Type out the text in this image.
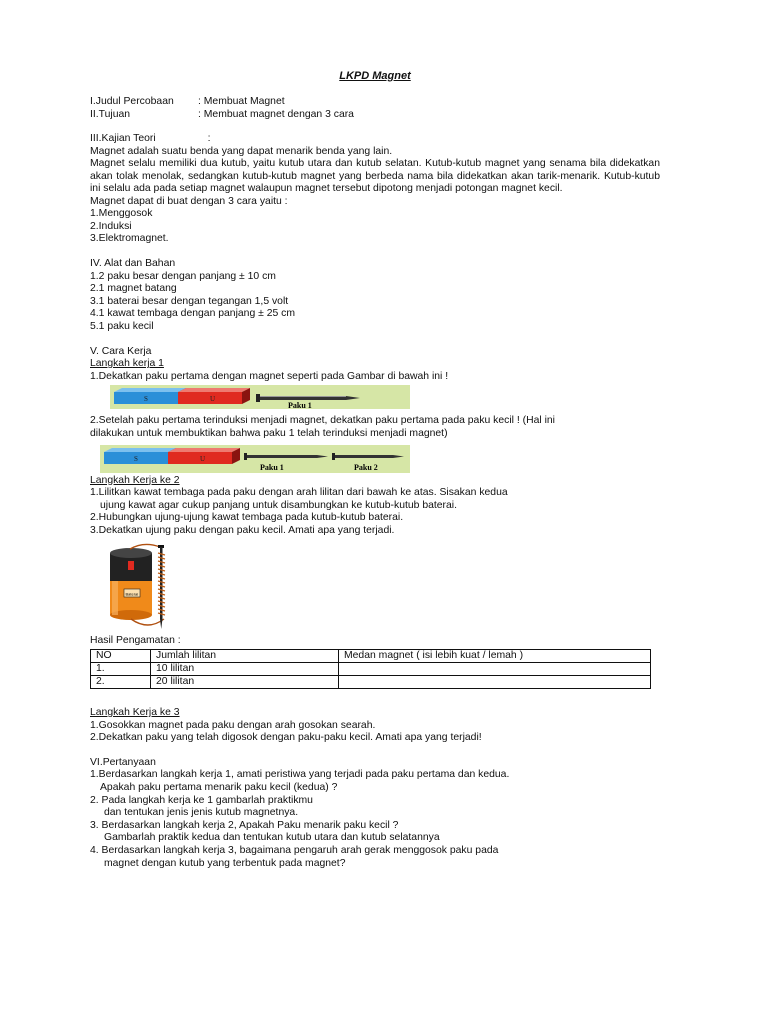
LKPD Magnet
I.Judul Percobaan : Membuat Magnet
II.Tujuan	: Membuat magnet dengan 3 cara
III.Kajian Teori	:
Magnet adalah suatu benda yang dapat menarik benda yang lain.
Magnet selalu memiliki dua kutub, yaitu kutub utara dan kutub selatan. Kutub-kutub magnet yang senama bila didekatkan akan tolak menolak, sedangkan kutub-kutub magnet yang berbeda nama bila didekatkan akan tarik-menarik. Kutub-kutub ini selalu ada pada setiap magnet walaupun magnet tersebut dipotong menjadi potongan magnet kecil.
Magnet dapat di buat dengan 3 cara yaitu :
1.Menggosok
2.Induksi
3.Elektromagnet.
IV. Alat dan Bahan
1.2 paku besar dengan panjang ± 10 cm
2.1 magnet batang
3.1 baterai besar dengan tegangan 1,5 volt
4.1 kawat tembaga dengan panjang ± 25 cm
5.1 paku kecil
V. Cara Kerja
Langkah kerja 1
1.Dekatkan paku pertama dengan magnet seperti pada Gambar di bawah ini !
S	U
Paku 1
2.Setelah paku pertama terinduksi menjadi magnet, dekatkan paku pertama pada paku kecil ! (Hal ini
dilakukan untuk membuktikan bahwa paku 1 telah terinduksi menjadi magnet)
S	U
Paku 1	Paku 2
Langkah Kerja ke 2
1.Lilitkan kawat tembaga pada paku dengan arah lilitan dari bawah ke atas. Sisakan kedua
ujung kawat agar cukup panjang untuk disambungkan ke kutub-kutub baterai.
2.Hubungkan ujung-ujung kawat tembaga pada kutub-kutub baterai.
3.Dekatkan ujung paku dengan paku kecil. Amati apa yang terjadi.
Baterai
Hasil Pengamatan :
NO	Jumlah lilitan	Medan magnet ( isi lebih kuat / lemah )
1.	10 lilitan	
2.	20 lilitan	
Langkah Kerja ke 3
1.Gosokkan magnet pada paku dengan arah gosokan searah.
2.Dekatkan paku yang telah digosok dengan paku-paku kecil. Amati apa yang terjadi!
VI.Pertanyaan
1.Berdasarkan langkah kerja 1, amati peristiwa yang terjadi pada paku pertama dan kedua.
Apakah paku pertama menarik paku kecil (kedua) ?
2. Pada langkah kerja ke 1 gambarlah praktikmu
dan tentukan jenis jenis kutub magnetnya.
3. Berdasarkan langkah kerja 2, Apakah Paku menarik paku kecil ?
Gambarlah praktik kedua dan tentukan kutub utara dan kutub selatannya
4. Berdasarkan langkah kerja 3, bagaimana pengaruh arah gerak menggosok paku pada
magnet dengan kutub yang terbentuk pada magnet?
